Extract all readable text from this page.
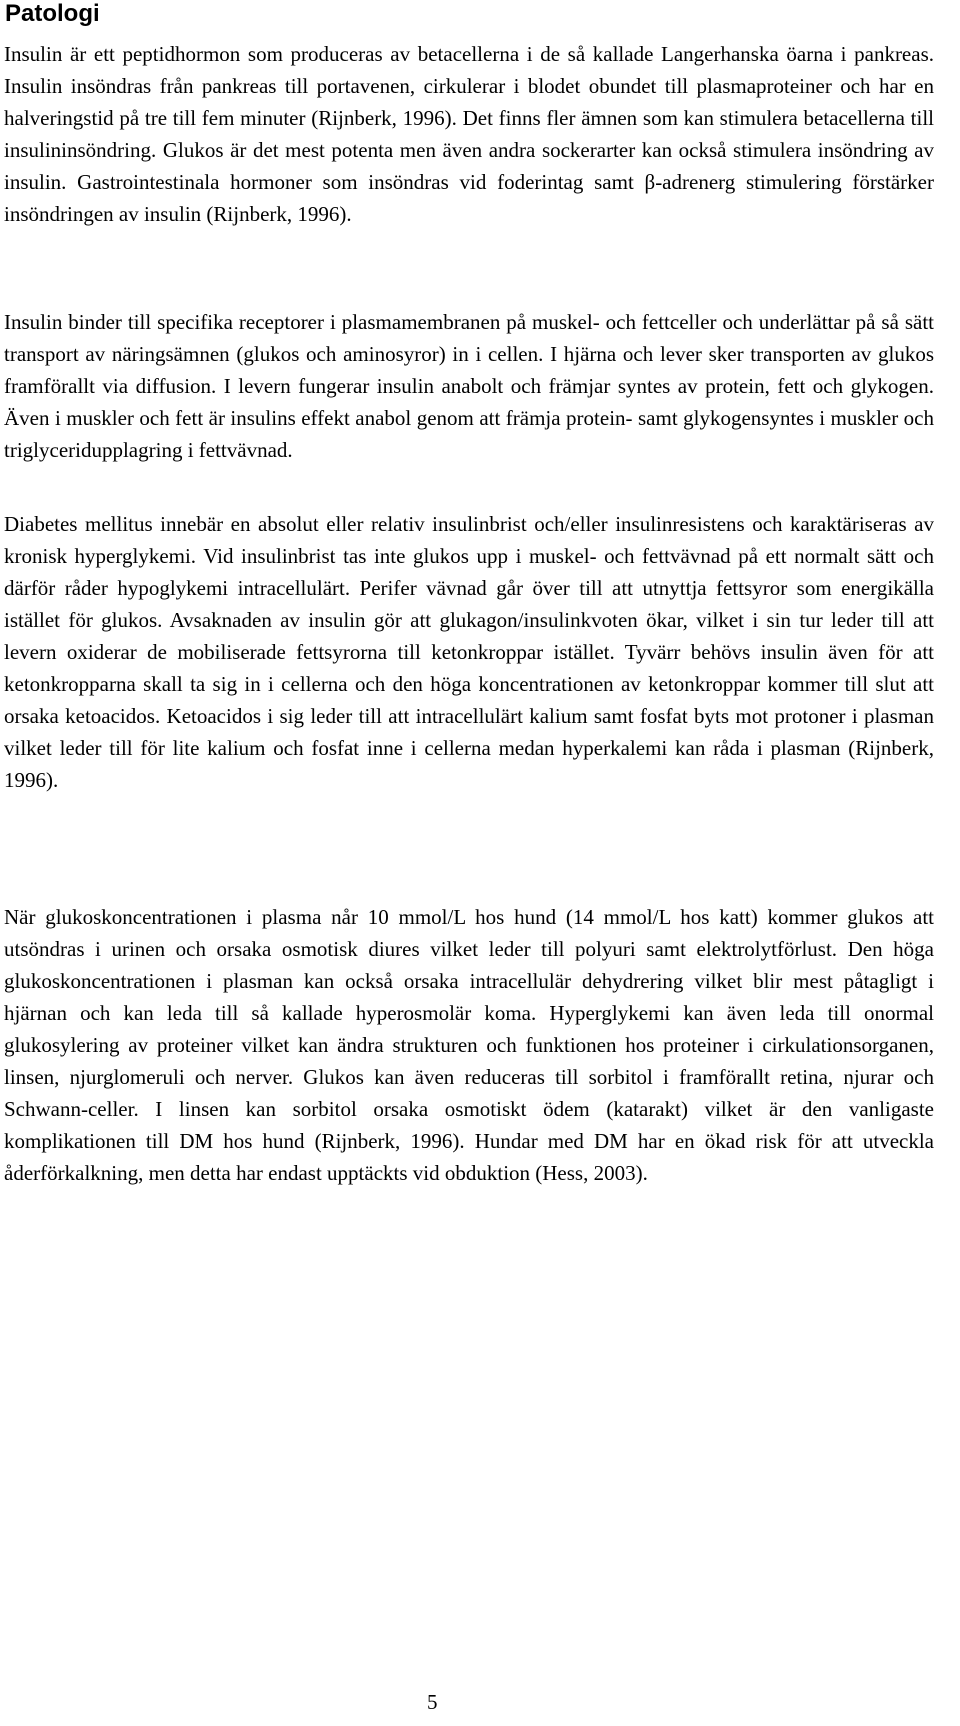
Patologi

Insulin är ett peptidhormon som produceras av betacellerna i de så kallade Langerhanska öarna i pankreas. Insulin insöndras från pankreas till portavenen, cirkulerar i blodet obundet till plasmaproteiner och har en halveringstid på tre till fem minuter (Rijnberk, 1996). Det finns fler ämnen som kan stimulera betacellerna till insulininsöndring. Glukos är det mest potenta men även andra sockerarter kan också stimulera insöndring av insulin. Gastrointestinala hormoner som insöndras vid foderintag samt β-adrenerg stimulering förstärker insöndringen av insulin (Rijnberk, 1996).

Insulin binder till specifika receptorer i plasmamembranen på muskel- och fettceller och underlättar på så sätt transport av näringsämnen (glukos och aminosyror) in i cellen. I hjärna och lever sker transporten av glukos framförallt via diffusion. I levern fungerar insulin anabolt och främjar syntes av protein, fett och glykogen. Även i muskler och fett är insulins effekt anabol genom att främja protein- samt glykogensyntes i muskler och triglyceridupplagring i fettvävnad.

Diabetes mellitus innebär en absolut eller relativ insulinbrist och/eller insulinresistens och karaktäriseras av kronisk hyperglykemi. Vid insulinbrist tas inte glukos upp i muskel- och fettvävnad på ett normalt sätt och därför råder hypoglykemi intracellulärt. Perifer vävnad går över till att utnyttja fettsyror som energikälla istället för glukos. Avsaknaden av insulin gör att glukagon/insulinkvoten ökar, vilket i sin tur leder till att levern oxiderar de mobiliserade fettsyrorna till ketonkroppar istället. Tyvärr behövs insulin även för att ketonkropparna skall ta sig in i cellerna och den höga koncentrationen av ketonkroppar kommer till slut att orsaka ketoacidos. Ketoacidos i sig leder till att intracellulärt kalium samt fosfat byts mot protoner i plasman vilket leder till för lite kalium och fosfat inne i cellerna medan hyperkalemi kan råda i plasman (Rijnberk, 1996).

När glukoskoncentrationen i plasma når 10 mmol/L hos hund (14 mmol/L hos katt) kommer glukos att utsöndras i urinen och orsaka osmotisk diures vilket leder till polyuri samt elektrolytförlust. Den höga glukoskoncentrationen i plasman kan också orsaka intracellulär dehydrering vilket blir mest påtagligt i hjärnan och kan leda till så kallade hyperosmolär koma. Hyperglykemi kan även leda till onormal glukosylering av proteiner vilket kan ändra strukturen och funktionen hos proteiner i cirkulationsorganen, linsen, njurglomeruli och nerver. Glukos kan även reduceras till sorbitol i framförallt retina, njurar och Schwann-celler. I linsen kan sorbitol orsaka osmotiskt ödem (katarakt) vilket är den vanligaste komplikationen till DM hos hund (Rijnberk, 1996). Hundar med DM har en ökad risk för att utveckla åderförkalkning, men detta har endast upptäckts vid obduktion (Hess, 2003).

5
